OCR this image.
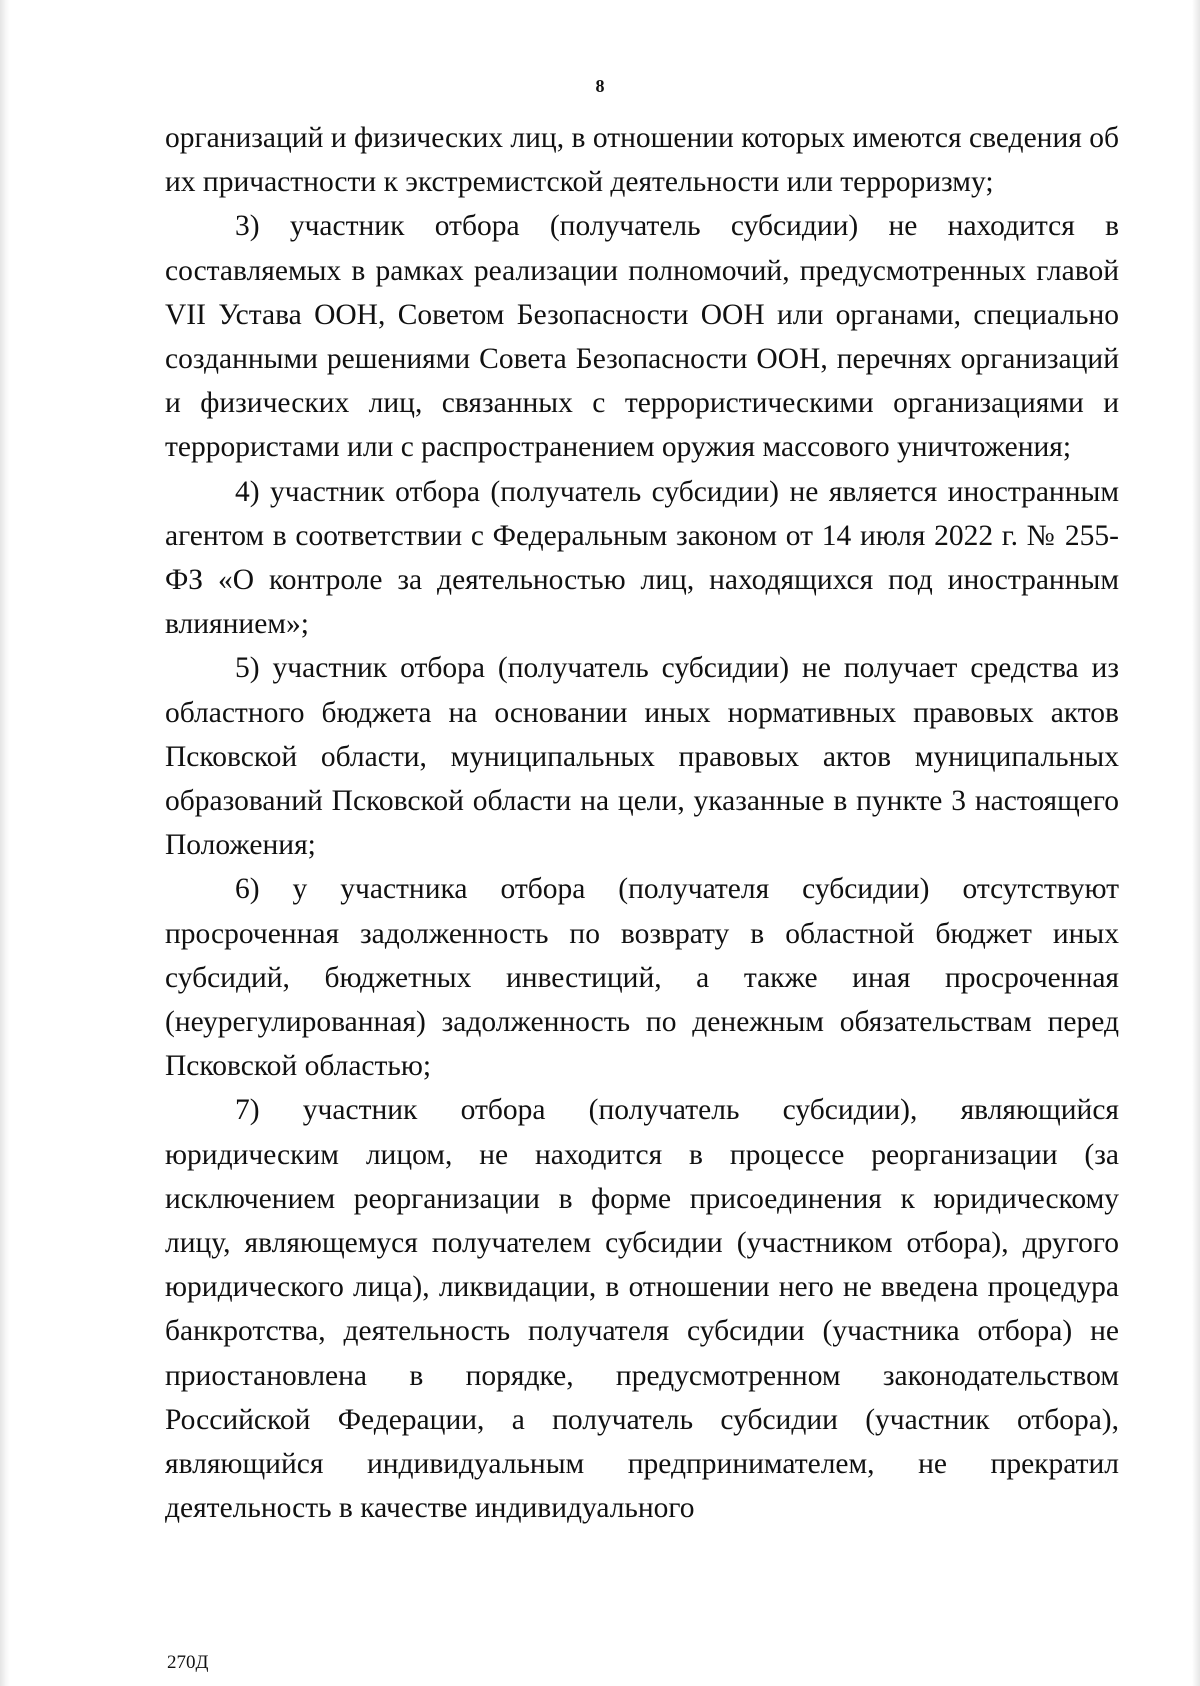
8

организаций и физических лиц, в отношении которых имеются сведения об их причастности к экстремистской деятельности или терроризму;

3) участник отбора (получатель субсидии) не находится в составляемых в рамках реализации полномочий, предусмотренных главой VII Устава ООН, Советом Безопасности ООН или органами, специально созданными решениями Совета Безопасности ООН, перечнях организаций и физических лиц, связанных с террористическими организациями и террористами или с распространением оружия массового уничтожения;

4) участник отбора (получатель субсидии) не является иностранным агентом в соответствии с Федеральным законом от 14 июля 2022 г. № 255-ФЗ «О контроле за деятельностью лиц, находящихся под иностранным влиянием»;

5) участник отбора (получатель субсидии) не получает средства из областного бюджета на основании иных нормативных правовых актов Псковской области, муниципальных правовых актов муниципальных образований Псковской области на цели, указанные в пункте 3 настоящего Положения;

6) у участника отбора (получателя субсидии) отсутствуют просроченная задолженность по возврату в областной бюджет иных субсидий, бюджетных инвестиций, а также иная просроченная (неурегулированная) задолженность по денежным обязательствам перед Псковской областью;

7) участник отбора (получатель субсидии), являющийся юридическим лицом, не находится в процессе реорганизации (за исключением реорганизации в форме присоединения к юридическому лицу, являющемуся получателем субсидии (участником отбора), другого юридического лица), ликвидации, в отношении него не введена процедура банкротства, деятельность получателя субсидии (участника отбора) не приостановлена в порядке, предусмотренном законодательством Российской Федерации, а получатель субсидии (участник отбора), являющийся индивидуальным предпринимателем, не прекратил деятельность в качестве индивидуального

270Д
